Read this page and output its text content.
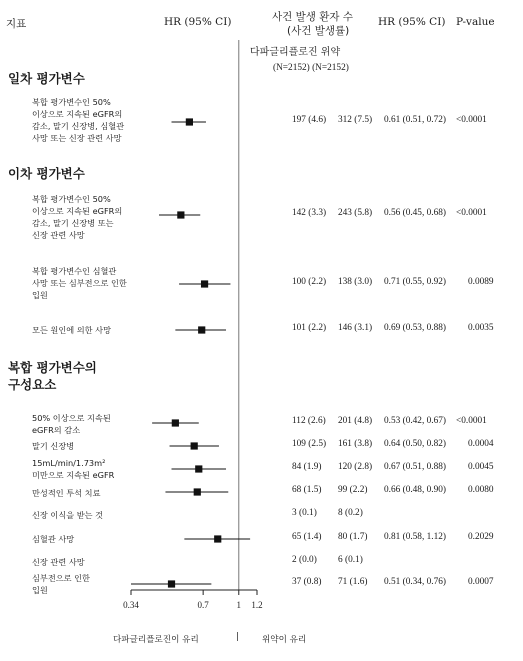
지표	HR (95% CI)	사건 발생 환자 수
(사건 발생률)
HR (95% CI) P-value
다파글리플로진 위약
(N=2152) (N=2152)
일차 평가변수
이차 평가변수
복합 평가변수의
구성요소
다파글리플로진이 유리	|	위약이 유리
0.34	0.7	1 1.2
복합 평가변수인 50%
이상으로 지속된 eGFR의
감소, 말기 신장병, 심혈관
사망 또는 신장 관련 사망
197 (4.6) 312 (7.5) 0.61 (0.51, 0.72) <0.0001
복합 평가변수인 50%
이상으로 지속된 eGFR의
감소, 말기 신장병 또는
신장 관련 사망
142 (3.3) 243 (5.8) 0.56 (0.45, 0.68) <0.0001
복합 평가변수인 심혈관
사망 또는 심부전으로 인한
입원
100 (2.2) 138 (3.0) 0.71 (0.55, 0.92) 0.0089
모든 원인에 의한 사망	101 (2.2) 146 (3.1) 0.69 (0.53, 0.88) 0.0035
50% 이상으로 지속된
eGFR의 감소
112 (2.6) 201 (4.8) 0.53 (0.42, 0.67) <0.0001
말기 신장병	109 (2.5) 161 (3.8) 0.64 (0.50, 0.82) 0.0004
15mL/min/1.73m²
미만으로 지속된 eGFR
84 (1.9) 120 (2.8) 0.67 (0.51, 0.88) 0.0045
만성적인 투석 치료	68 (1.5) 99 (2.2) 0.66 (0.48, 0.90) 0.0080
신장 이식을 받는 것	3 (0.1) 8 (0.2)
심혈관 사망	65 (1.4) 80 (1.7) 0.81 (0.58, 1.12) 0.2029
신장 관련 사망	2 (0.0) 6 (0.1)
심부전으로 인한
입원
37 (0.8) 71 (1.6) 0.51 (0.34, 0.76) 0.0007
